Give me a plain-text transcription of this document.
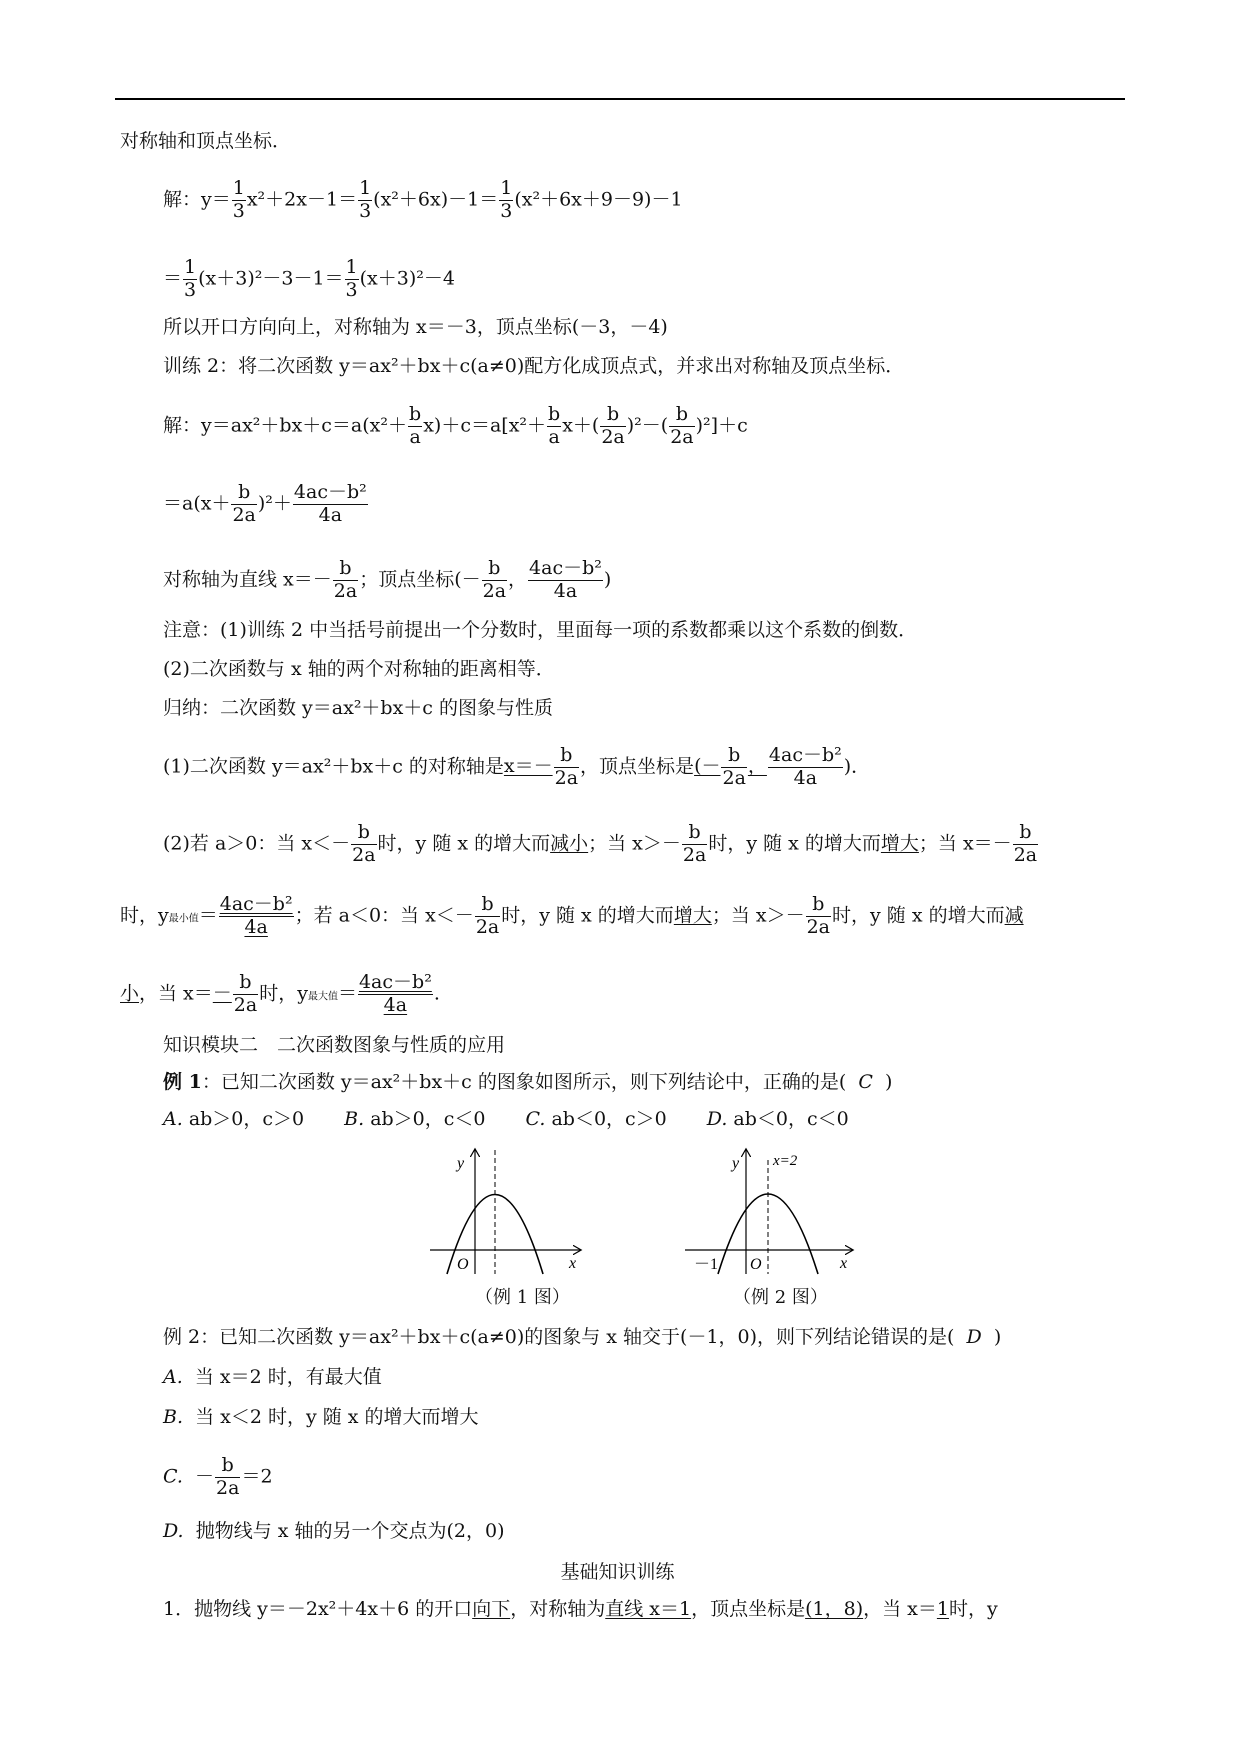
对称轴和顶点坐标．
解：$y= \frac{1}{3} x^2+2x-1= \frac{1}{3} (x^2+6x)-1= \frac{1}{3} (x^2+6x+9-9)-1$
＝ $\frac{1}{3} (x+3)^2-3-1= \frac{1}{3} (x+3)^2-4$
所以开口方向向上，对称轴为 x＝－3，顶点坐标(－3，－4)
训练 2：将二次函数 y＝ax²＋bx＋c(a≠0)配方化成顶点式，并求出对称轴及顶点坐标．
解：$y=ax^2+bx+c=a(x^2+ \frac{b}{a} x)+c=a[x^2+ \frac{b}{a} x+( \frac{b}{2a} )^2-( \frac{b}{2a} )^2]+c$
$=a(x+ \frac{b}{2a} )^2+ \frac{\text{4ac－b²}}{4a}$
对称轴为直线 $x=- \frac{b}{2a}$ ；顶点坐标(－ $\frac{b}{2a}$ ， $\frac{\text{4ac－b²}}{4a}$ )
注意：(1)训练 2 中当括号前提出一个分数时，里面每一项的系数都乘以这个系数的倒数．
(2)二次函数与 x 轴的两个对称轴的距离相等．
归纳：二次函数 y＝ax²＋bx＋c 的图象与性质
(1)二次函数 y＝ax²＋bx＋c 的对称轴是$x=- \frac{b}{2a}$ ，顶点坐标是(－ $\frac{b}{2a}$ ， $\frac{\text{4ac－b²}}{4a}$ )．
(2)若 a＞0：当 $x<- \frac{b}{2a}$ 时，y 随 x 的增大而减小；当 $x>- \frac{b}{2a}$ 时，y 随 x 的增大而增大；当 $x=- \frac{b}{2a}$
时，y最小值＝ $\frac{\text{4ac－b²}}{4a}$ ；若 a＜0：当 $x<- \frac{b}{2a}$ 时，y 随 x 的增大而增大；当 $x>- \frac{b}{2a}$ 时，y 随 x 的增大而减
小，当 $x=- \frac{b}{2a}$ 时，y最大值＝ $\frac{\text{4ac－b²}}{4a}$ .
知识模块二　二次函数图象与性质的应用
例 1：已知二次函数 y＝ax²＋bx＋c 的图象如图所示，则下列结论中，正确的是( C )
A. ab＞0，c＞0 B. ab＞0，c＜0 C. ab＜0，c＞0 D. ab＜0，c＜0
y
x
O
（例 1 图）
y
x
O
－1
x=2
（例 2 图）
例 2：已知二次函数 y＝ax²＋bx＋c(a≠0)的图象与 x 轴交于(－1，0)，则下列结论错误的是( D )
A. 当 x＝2 时，有最大值
B. 当 x＜2 时，y 随 x 的增大而增大
C. － $\frac{b}{2a} =2$
D. 抛物线与 x 轴的另一个交点为(2，0)
基础知识训练
1．抛物线 y＝－2x²＋4x＋6 的开口向下，对称轴为直线 x＝1，顶点坐标是(1，8)，当 x＝1时，y
